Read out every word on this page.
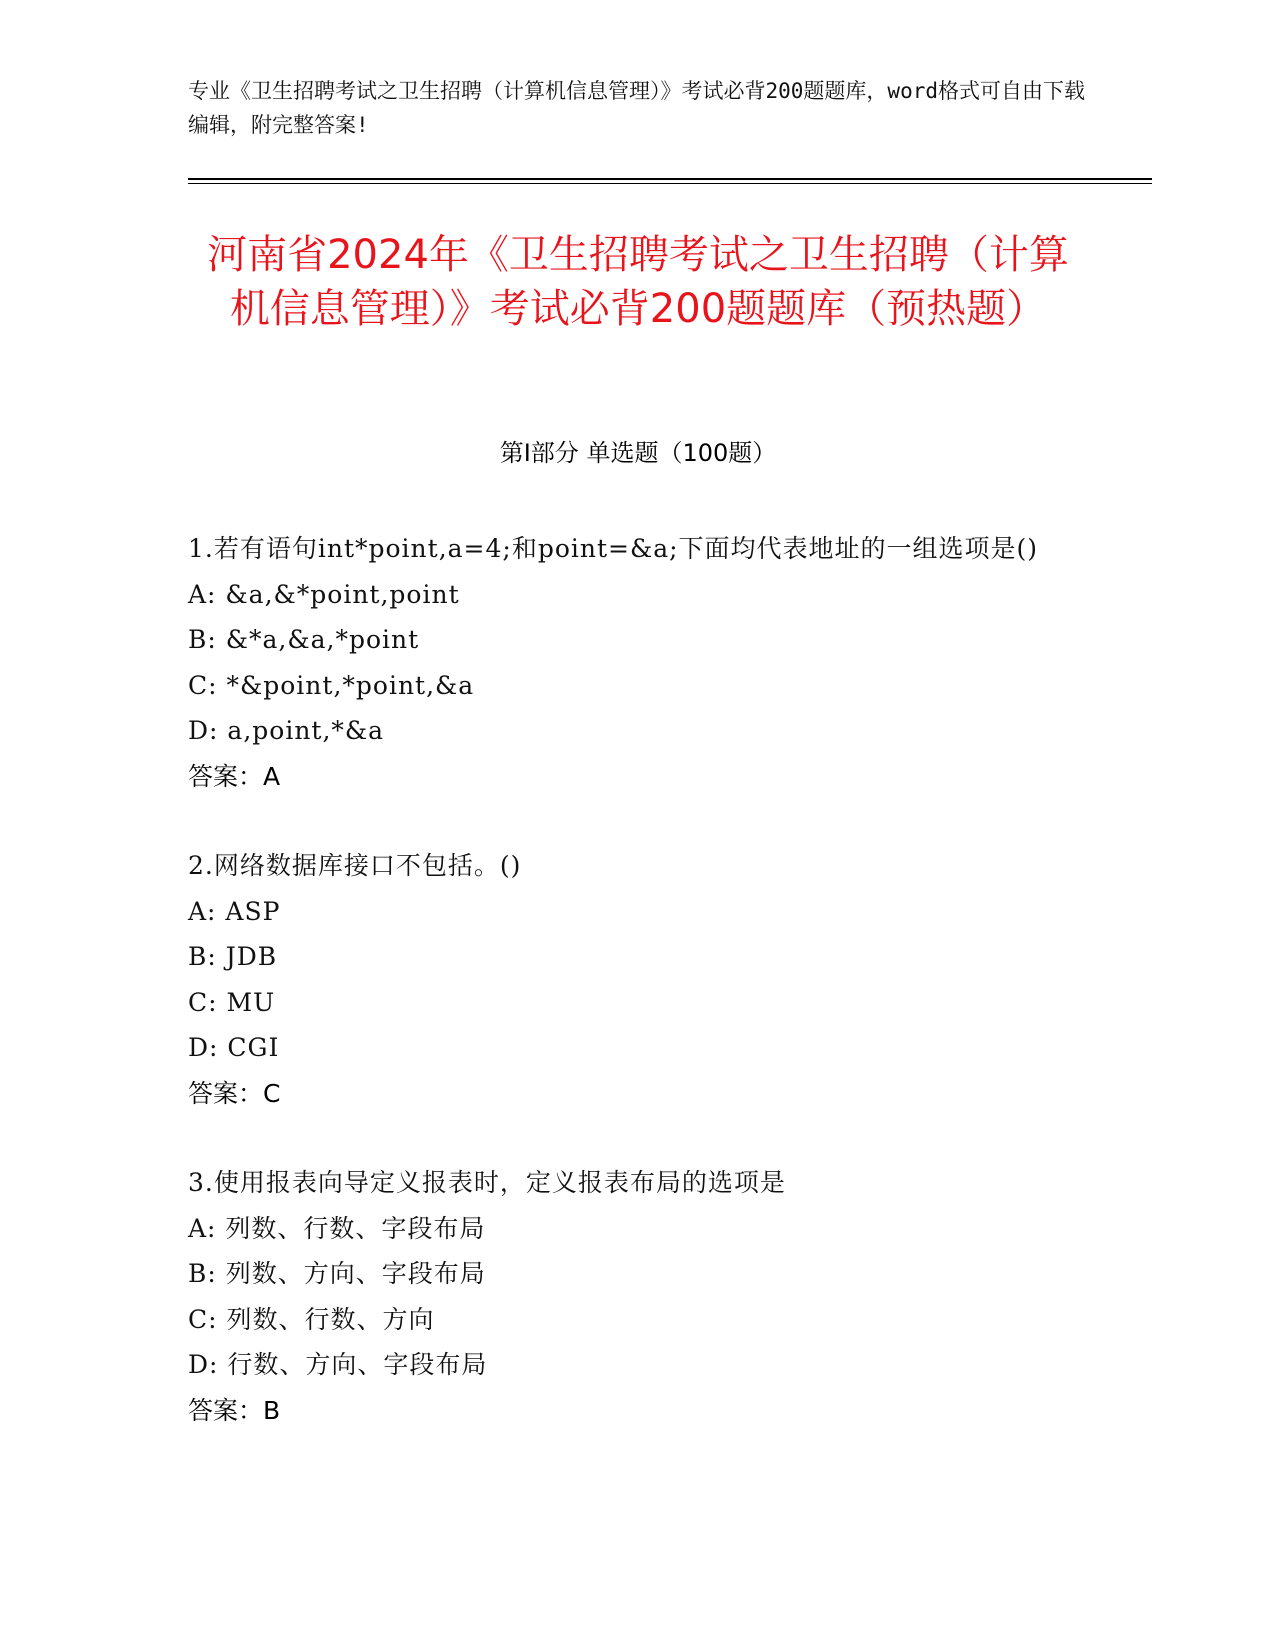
专业《卫生招聘考试之卫生招聘（计算机信息管理）》考试必背200题题库，word格式可自由下载编辑，附完整答案!
河南省2024年《卫生招聘考试之卫生招聘（计算机信息管理）》考试必背200题题库（预热题）
第Ⅰ部分 单选题（100题）
1.若有语句int*point,a=4;和point=&a;下面均代表地址的一组选项是()
A: &a,&*point,point
B: &*a,&a,*point
C: *&point,*point,&a
D: a,point,*&a
答案：A
2.网络数据库接口不包括。()
A: ASP
B: JDB
C: MU
D: CGI
答案：C
3.使用报表向导定义报表时，定义报表布局的选项是
A: 列数、行数、字段布局
B: 列数、方向、字段布局
C: 列数、行数、方向
D: 行数、方向、字段布局
答案：B
